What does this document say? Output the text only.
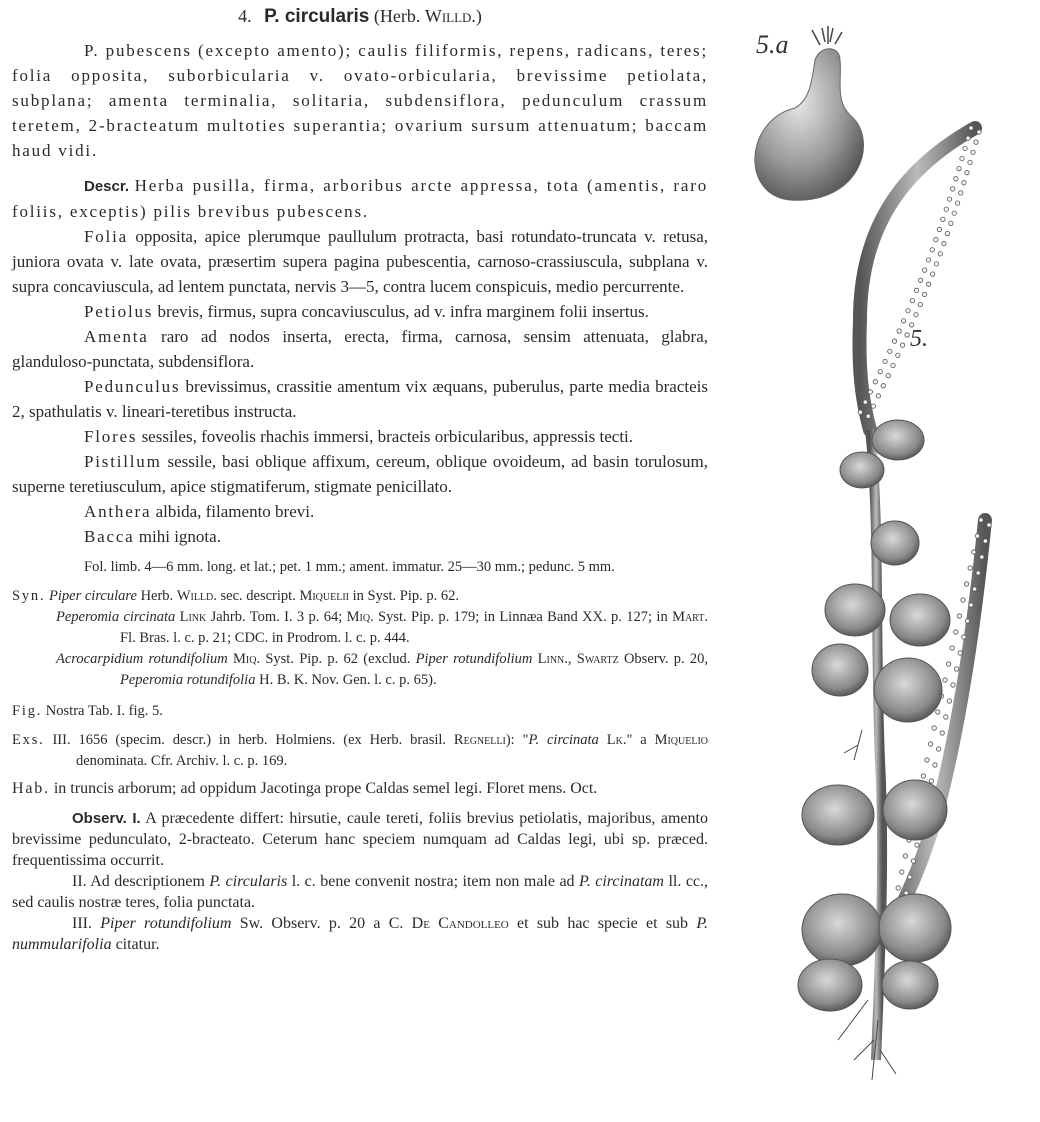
4. P. circularis (Herb. Willd.)

P. pubescens (excepto amento); caulis filiformis, repens, radicans, teres; folia opposita, suborbicularia v. ovato-orbicularia, brevissime petiolata, subplana; amenta terminalia, solitaria, subdensiflora, pedunculum crassum teretem, 2-bracteatum multoties superantia; ovarium sursum attenuatum; baccam haud vidi.

Descr. Herba pusilla, firma, arboribus arcte appressa, tota (amentis, raro foliis, exceptis) pilis brevibus pubescens.

Folia opposita, apice plerumque paullulum protracta, basi rotundato-truncata v. retusa, juniora ovata v. late ovata, præsertim supera pagina pubescentia, carnoso-crassiuscula, subplana v. supra concaviuscula, ad lentem punctata, nervis 3—5, contra lucem conspicuis, medio percurrente.

Petiolus brevis, firmus, supra concaviusculus, ad v. infra marginem folii insertus.

Amenta raro ad nodos inserta, erecta, firma, carnosa, sensim attenuata, glabra, glanduloso-punctata, subdensiflora.

Pedunculus brevissimus, crassitie amentum vix æquans, puberulus, parte media bracteis 2, spathulatis v. lineari-teretibus instructa.

Flores sessiles, foveolis rhachis immersi, bracteis orbicularibus, appressis tecti.

Pistillum sessile, basi oblique affixum, cereum, oblique ovoideum, ad basin torulosum, superne teretiusculum, apice stigmatiferum, stigmate penicillato.

Anthera albida, filamento brevi.

Bacca mihi ignota.

Fol. limb. 4—6 mm. long. et lat.; pet. 1 mm.; ament. immatur. 25—30 mm.; pedunc. 5 mm.

Syn. Piper circulare Herb. Willd. sec. descript. Miquelii in Syst. Pip. p. 62.

Peperomia circinata Link Jahrb. Tom. I. 3 p. 64; Miq. Syst. Pip. p. 179; in Linnæa Band XX. p. 127; in Mart. Fl. Bras. l. c. p. 21; CDC. in Prodrom. l. c. p. 444.

Acrocarpidium rotundifolium Miq. Syst. Pip. p. 62 (exclud. Piper rotundifolium Linn., Swartz Observ. p. 20, Peperomia rotundifolia H. B. K. Nov. Gen. l. c. p. 65).

Fig. Nostra Tab. I. fig. 5.

Exs. III. 1656 (specim. descr.) in herb. Holmiens. (ex Herb. brasil. Regnelli): "P. circinata Lk." a Miquelio denominata. Cfr. Archiv. l. c. p. 169.

Hab. in truncis arborum; ad oppidum Jacotinga prope Caldas semel legi. Floret mens. Oct.

Observ. I. A præcedente differt: hirsutie, caule tereti, foliis brevius petiolatis, majoribus, amento brevissime pedunculato, 2-bracteato. Ceterum hanc speciem numquam ad Caldas legi, ubi sp. præced. frequentissima occurrit.

II. Ad descriptionem P. circularis l. c. bene convenit nostra; item non male ad P. circinatam ll. cc., sed caulis nostræ teres, folia punctata.

III. Piper rotundifolium Sw. Observ. p. 20 a C. De Candolleo et sub hac specie et sub P. nummularifolia citatur.

5.a
5.
